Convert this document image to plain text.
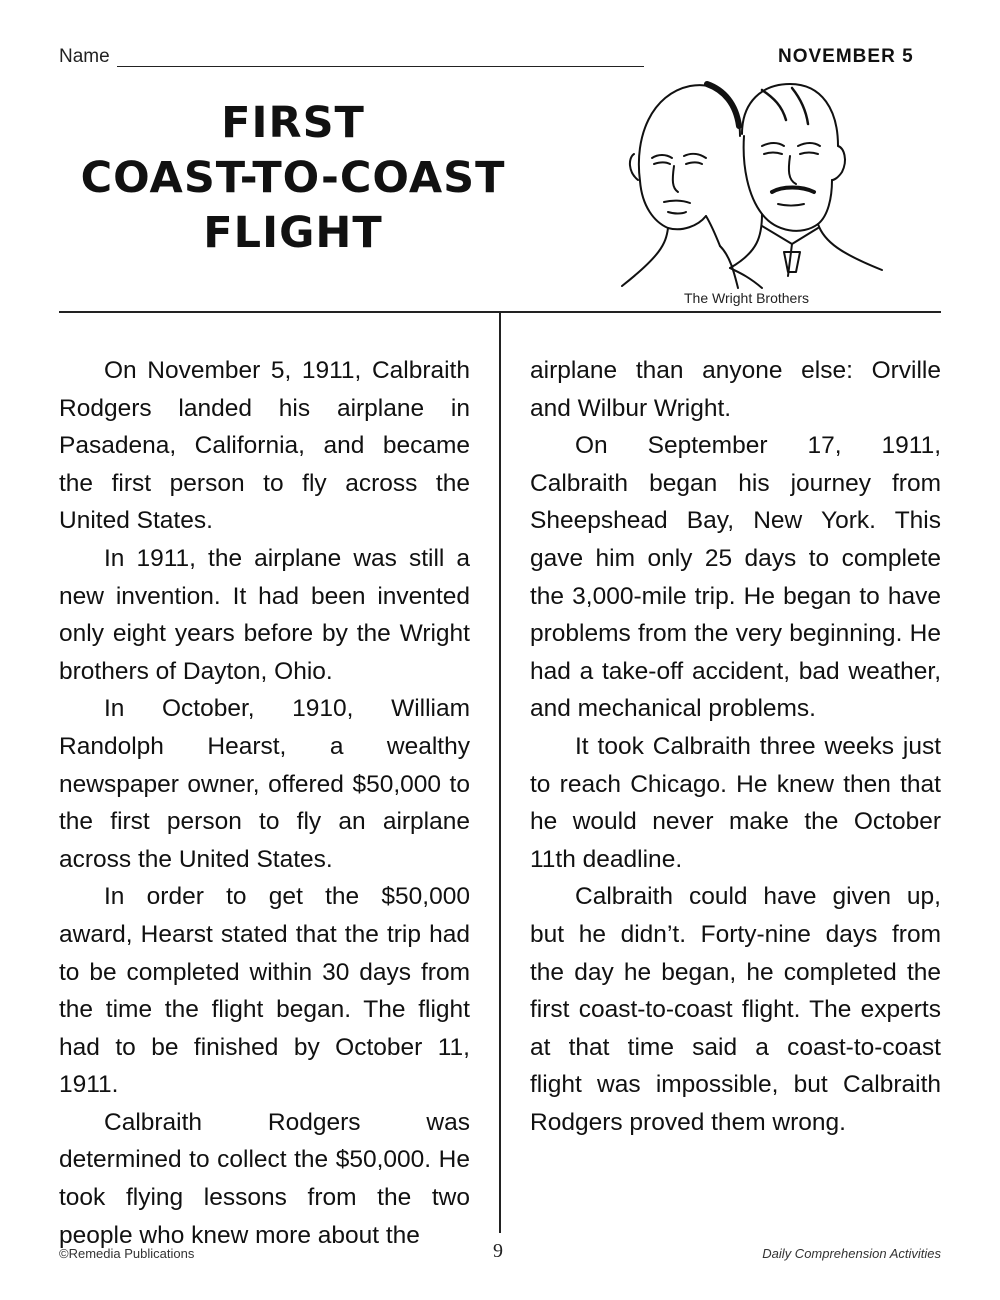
Name	NOVEMBER 5
FIRST
COAST-TO-COAST
FLIGHT
The Wright Brothers

On November 5, 1911, Calbraith Rodgers landed his airplane in Pasadena, California, and became the first person to fly across the United States.

In 1911, the airplane was still a new invention. It had been invented only eight years before by the Wright brothers of Dayton, Ohio.

In October, 1910, William Randolph Hearst, a wealthy newspaper owner, offered $50,000 to the first person to fly an airplane across the United States.

In order to get the $50,000 award, Hearst stated that the trip had to be completed within 30 days from the time the flight began. The flight had to be finished by October 11, 1911.

Calbraith Rodgers was determined to collect the $50,000. He took flying lessons from the two people who knew more about the

airplane than anyone else: Orville and Wilbur Wright.

On September 17, 1911, Calbraith began his journey from Sheepshead Bay, New York. This gave him only 25 days to complete the 3,000-mile trip. He began to have problems from the very beginning. He had a take-off accident, bad weather, and mechanical problems.

It took Calbraith three weeks just to reach Chicago. He knew then that he would never make the October 11th deadline.

Calbraith could have given up, but he didn’t. Forty-nine days from the day he began, he completed the first coast-to-coast flight. The experts at that time said a coast-to-coast flight was impossible, but Calbraith Rodgers proved them wrong.

©Remedia Publications	9	Daily Comprehension Activities
